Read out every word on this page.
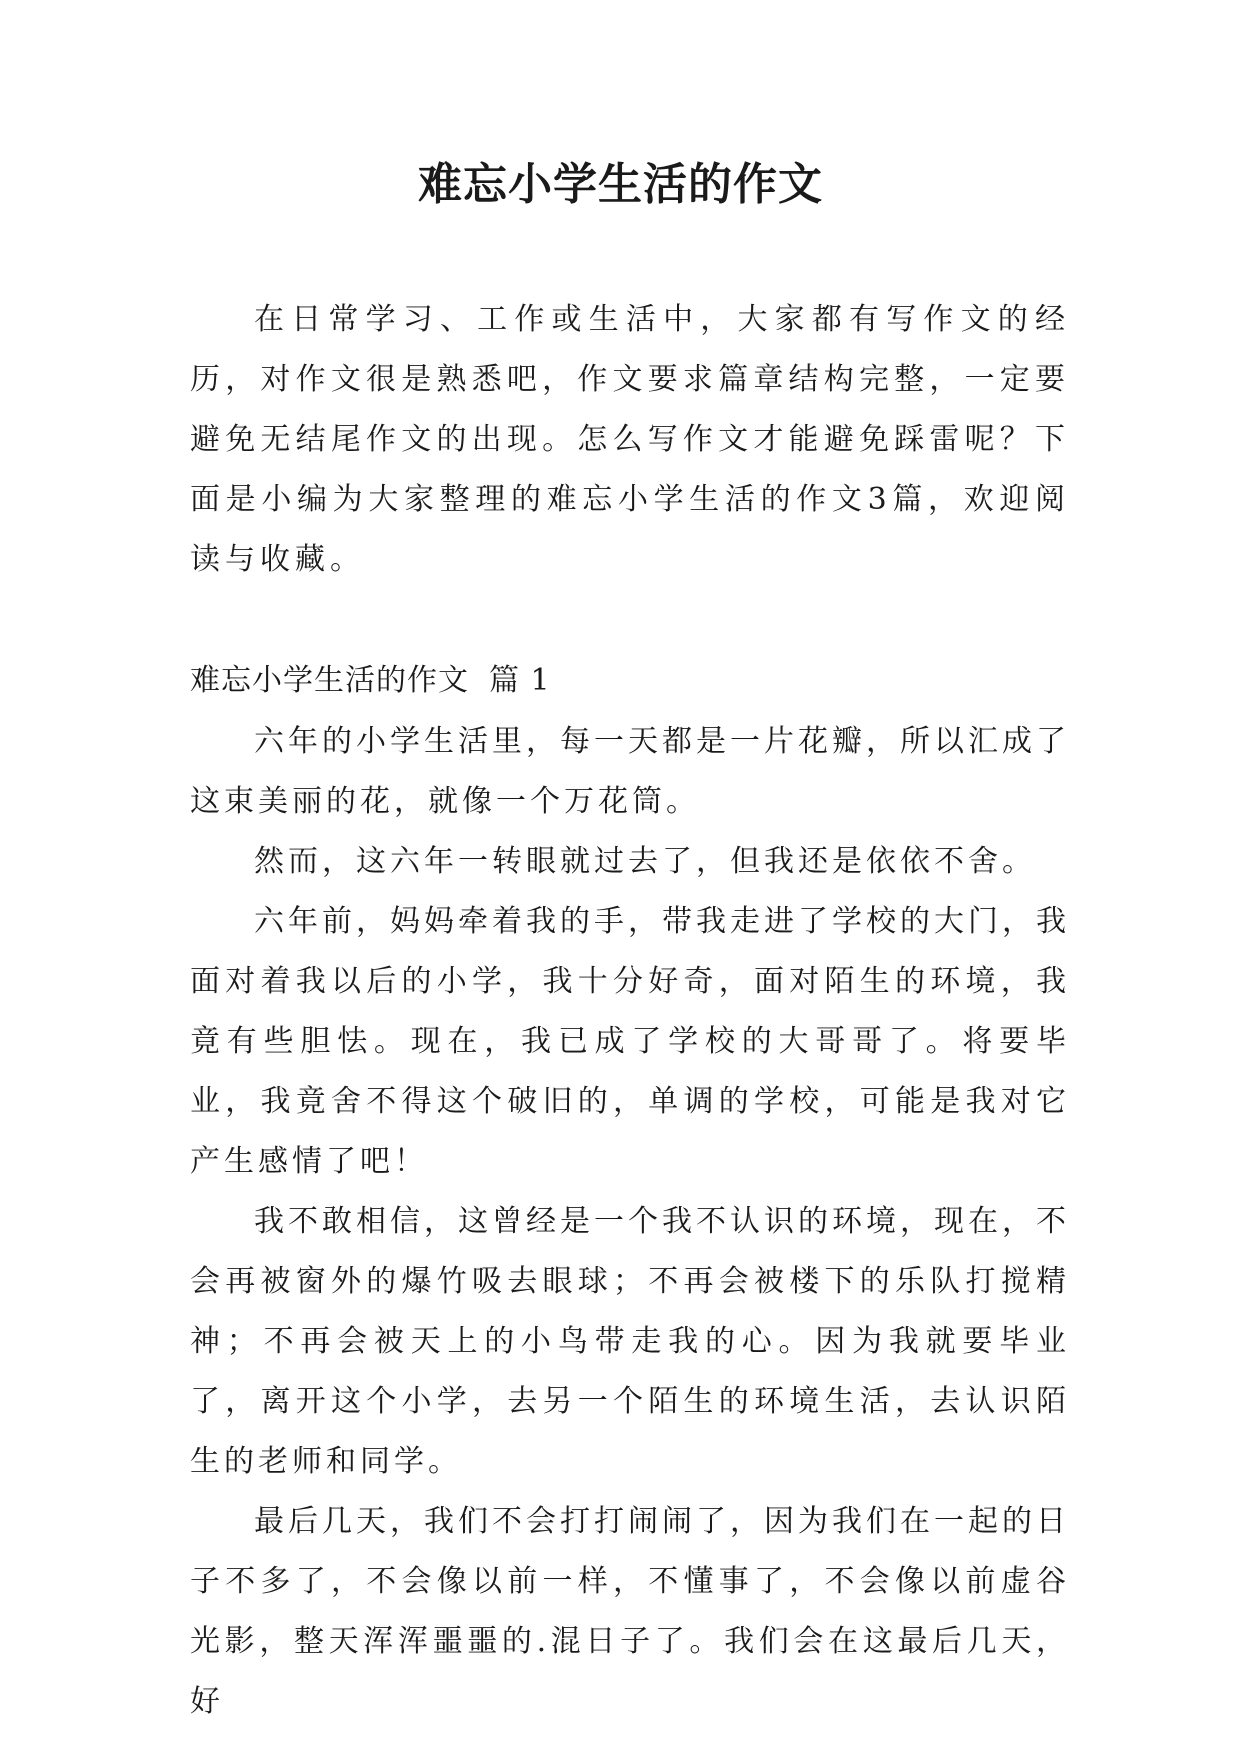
难忘小学生活的作文

在日常学习、工作或生活中，大家都有写作文的经历，对作文很是熟悉吧，作文要求篇章结构完整，一定要避免无结尾作文的出现。怎么写作文才能避免踩雷呢？下面是小编为大家整理的难忘小学生活的作文3篇，欢迎阅读与收藏。

难忘小学生活的作文 篇 1

六年的小学生活里，每一天都是一片花瓣，所以汇成了这束美丽的花，就像一个万花筒。

然而，这六年一转眼就过去了，但我还是依依不舍。

六年前，妈妈牵着我的手，带我走进了学校的大门，我面对着我以后的小学，我十分好奇，面对陌生的环境，我竟有些胆怯。现在，我已成了学校的大哥哥了。将要毕业，我竟舍不得这个破旧的，单调的学校，可能是我对它产生感情了吧！

我不敢相信，这曾经是一个我不认识的环境，现在，不会再被窗外的爆竹吸去眼球；不再会被楼下的乐队打搅精神；不再会被天上的小鸟带走我的心。因为我就要毕业了，离开这个小学，去另一个陌生的环境生活，去认识陌生的老师和同学。

最后几天，我们不会打打闹闹了，因为我们在一起的日子不多了，不会像以前一样，不懂事了，不会像以前虚谷光影，整天浑浑噩噩的.混日子了。我们会在这最后几天，好
